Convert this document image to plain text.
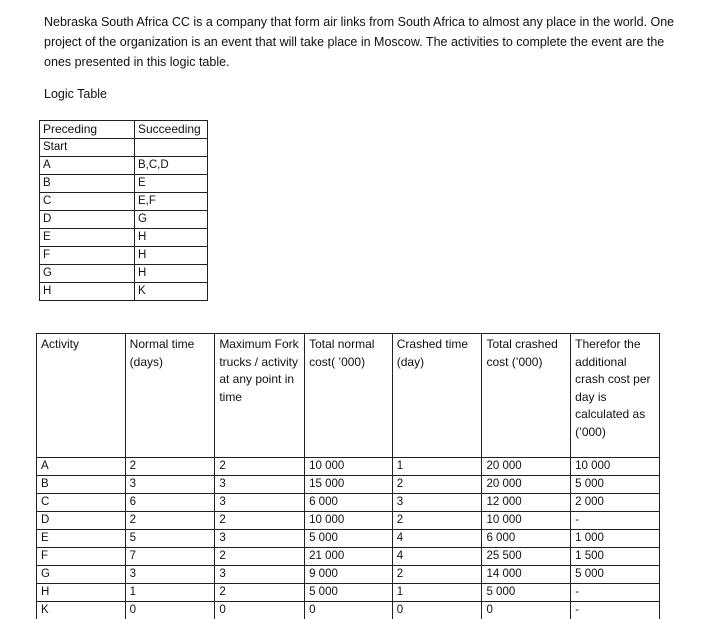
Nebraska South Africa CC is a company that form air links from South Africa to almost any place in the world. One project of the organization is an event that will take place in Moscow. The activities to complete the event are the ones presented in this logic table.

Logic Table

Preceding	Succeeding
Start	
A	B,C,D
B	E
C	E,F
D	G
E	H
F	H
G	H
H	K
Activity	Normal time (days)	Maximum Fork trucks / activity at any point in time	Total normal cost( ’000)	Crashed time (day)	Total crashed cost (’000)	Therefor the additional crash cost per day is calculated as (’000)
A	2	2	10 000	1	20 000	10 000
B	3	3	15 000	2	20 000	5 000
C	6	3	6 000	3	12 000	2 000
D	2	2	10 000	2	10 000	-
E	5	3	5 000	4	6 000	1 000
F	7	2	21 000	4	25 500	1 500
G	3	3	9 000	2	14 000	5 000
H	1	2	5 000	1	5 000	-
K	0	0	0	0	0	-
